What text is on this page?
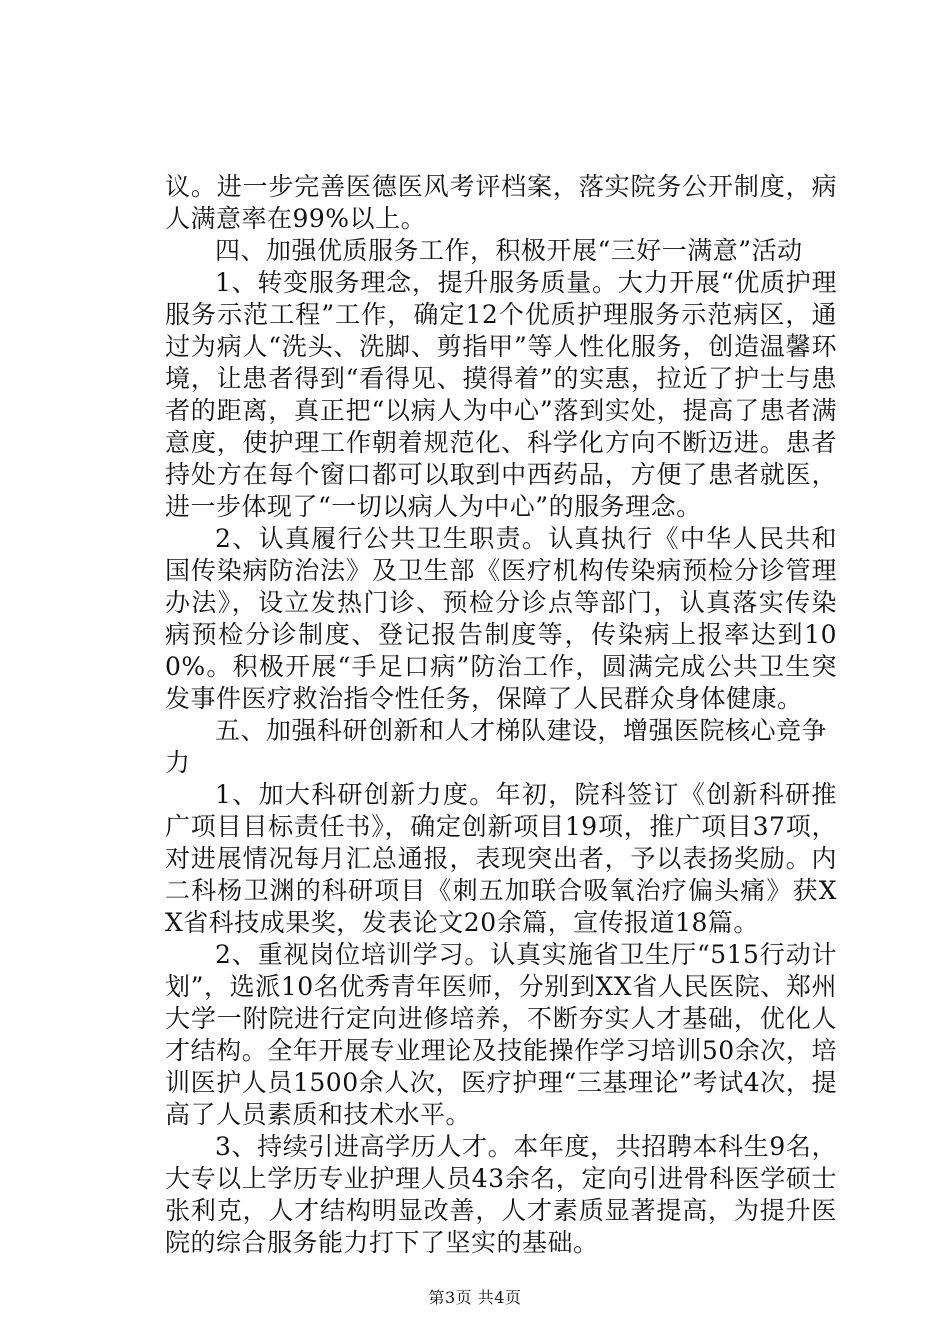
议。进一步完善医德医风考评档案，落实院务公开制度，病人满意率在99%以上。

四、加强优质服务工作，积极开展“三好一满意”活动

1、转变服务理念，提升服务质量。大力开展“优质护理服务示范工程”工作，确定12个优质护理服务示范病区，通过为病人“洗头、洗脚、剪指甲”等人性化服务，创造温馨环境，让患者得到“看得见、摸得着”的实惠，拉近了护士与患者的距离，真正把“以病人为中心”落到实处，提高了患者满意度，使护理工作朝着规范化、科学化方向不断迈进。患者持处方在每个窗口都可以取到中西药品，方便了患者就医，进一步体现了“一切以病人为中心”的服务理念。

2、认真履行公共卫生职责。认真执行《中华人民共和国传染病防治法》及卫生部《医疗机构传染病预检分诊管理办法》，设立发热门诊、预检分诊点等部门，认真落实传染病预检分诊制度、登记报告制度等，传染病上报率达到100%。积极开展“手足口病”防治工作，圆满完成公共卫生突发事件医疗救治指令性任务，保障了人民群众身体健康。

五、加强科研创新和人才梯队建设，增强医院核心竞争力

1、加大科研创新力度。年初，院科签订《创新科研推广项目目标责任书》，确定创新项目19项，推广项目37项，对进展情况每月汇总通报，表现突出者，予以表扬奖励。内二科杨卫渊的科研项目《刺五加联合吸氧治疗偏头痛》获XX省科技成果奖，发表论文20余篇，宣传报道18篇。

2、重视岗位培训学习。认真实施省卫生厅“515行动计划”，选派10名优秀青年医师，分别到XX省人民医院、郑州大学一附院进行定向进修培养，不断夯实人才基础，优化人才结构。全年开展专业理论及技能操作学习培训50余次，培训医护人员1500余人次，医疗护理“三基理论”考试4次，提高了人员素质和技术水平。

3、持续引进高学历人才。本年度，共招聘本科生9名，大专以上学历专业护理人员43余名，定向引进骨科医学硕士张利克，人才结构明显改善，人才素质显著提高，为提升医院的综合服务能力打下了坚实的基础。

第3页 共4页
